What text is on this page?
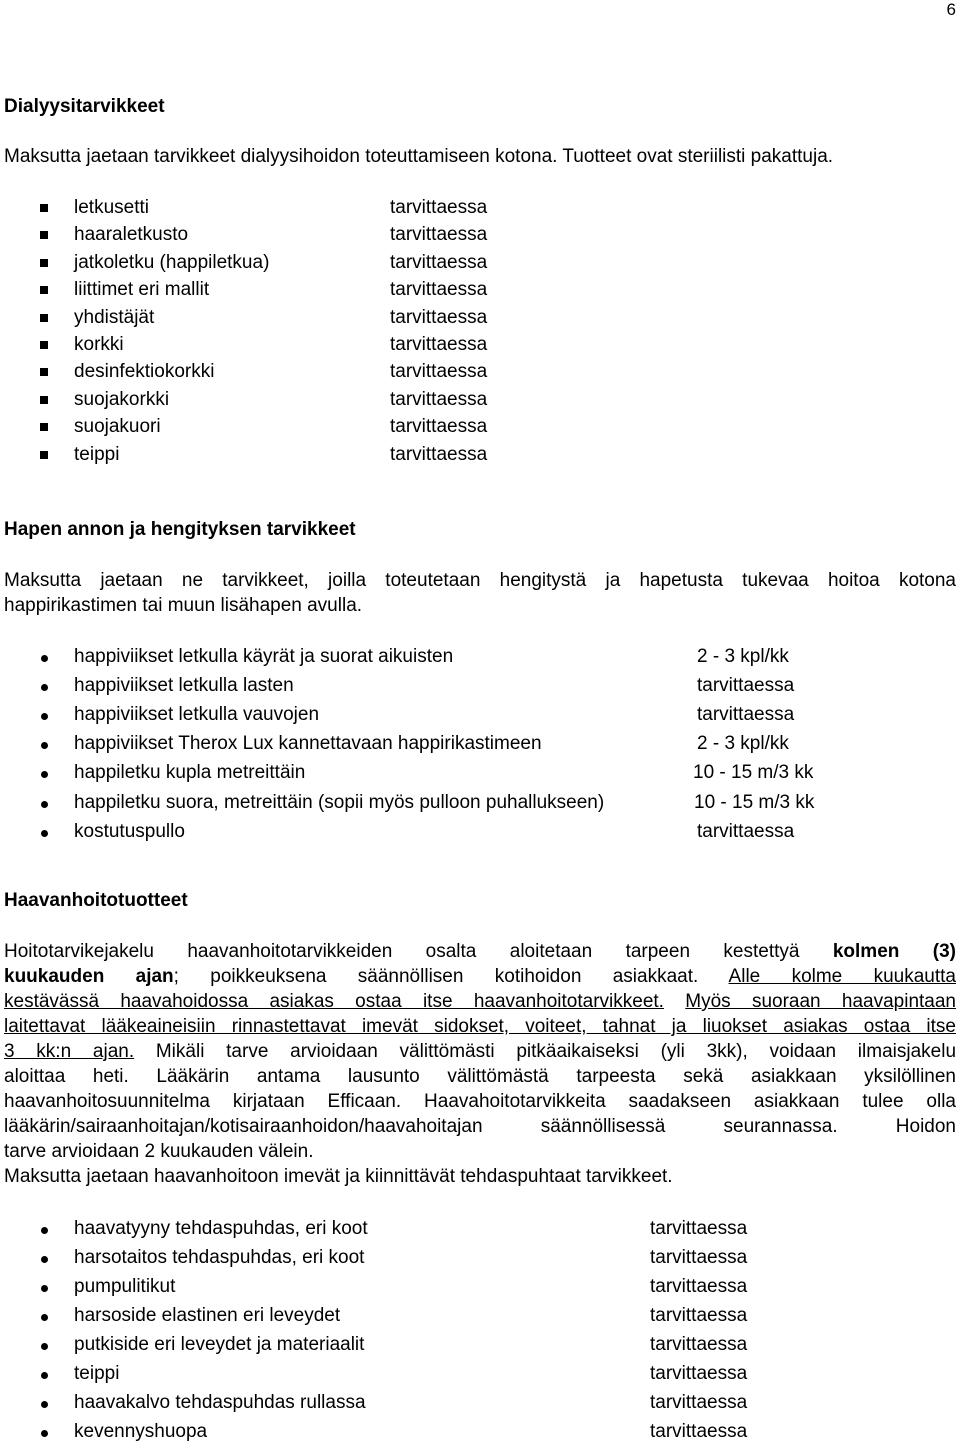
6
Dialyysitarvikkeet
Maksutta jaetaan tarvikkeet dialyysihoidon toteuttamiseen kotona. Tuotteet ovat steriilisti pakattuja.
letkusetti	tarvittaessa
haaraletkusto	tarvittaessa
jatkoletku (happiletkua)	tarvittaessa
liittimet eri mallit	tarvittaessa
yhdistäjät	tarvittaessa
korkki	tarvittaessa
desinfektiokorkki	tarvittaessa
suojakorkki	tarvittaessa
suojakuori	tarvittaessa
teippi	tarvittaessa
Hapen annon ja hengityksen tarvikkeet
Maksutta jaetaan ne tarvikkeet, joilla toteutetaan hengitystä ja hapetusta tukevaa hoitoa kotona
happirikastimen tai muun lisähapen avulla.
happiviikset letkulla käyrät ja suorat aikuisten	2 - 3 kpl/kk
happiviikset letkulla lasten	tarvittaessa
happiviikset letkulla vauvojen	tarvittaessa
happiviikset Therox Lux kannettavaan happirikastimeen	2 - 3 kpl/kk
happiletku kupla metreittäin	10 - 15 m/3 kk
happiletku suora, metreittäin (sopii myös pulloon puhallukseen)	10 - 15 m/3 kk
kostutuspullo	tarvittaessa
Haavanhoitotuotteet
Hoitotarvikejakelu haavanhoitotarvikkeiden osalta aloitetaan tarpeen kestettyä kolmen (3)
kuukauden ajan; poikkeuksena säännöllisen kotihoidon asiakkaat. Alle kolme kuukautta
kestävässä haavahoidossa asiakas ostaa itse haavanhoitotarvikkeet. Myös suoraan haavapintaan
laitettavat lääkeaineisiin rinnastettavat imevät sidokset, voiteet, tahnat ja liuokset asiakas ostaa itse
3 kk:n ajan. Mikäli tarve arvioidaan välittömästi pitkäaikaiseksi (yli 3kk), voidaan ilmaisjakelu
aloittaa heti. Lääkärin antama lausunto välittömästä tarpeesta sekä asiakkaan yksilöllinen
haavanhoitosuunnitelma kirjataan Efficaan. Haavahoitotarvikkeita saadakseen asiakkaan tulee olla
lääkärin/sairaanhoitajan/kotisairaanhoidon/haavahoitajan säännöllisessä seurannassa. Hoidon
tarve arvioidaan 2 kuukauden välein.
Maksutta jaetaan haavanhoitoon imevät ja kiinnittävät tehdaspuhtaat tarvikkeet.
haavatyyny tehdaspuhdas, eri koot	tarvittaessa
harsotaitos tehdaspuhdas, eri koot	tarvittaessa
pumpulitikut	tarvittaessa
harsoside elastinen eri leveydet	tarvittaessa
putkiside eri leveydet ja materiaalit	tarvittaessa
teippi	tarvittaessa
haavakalvo tehdaspuhdas rullassa	tarvittaessa
kevennyshuopa	tarvittaessa
